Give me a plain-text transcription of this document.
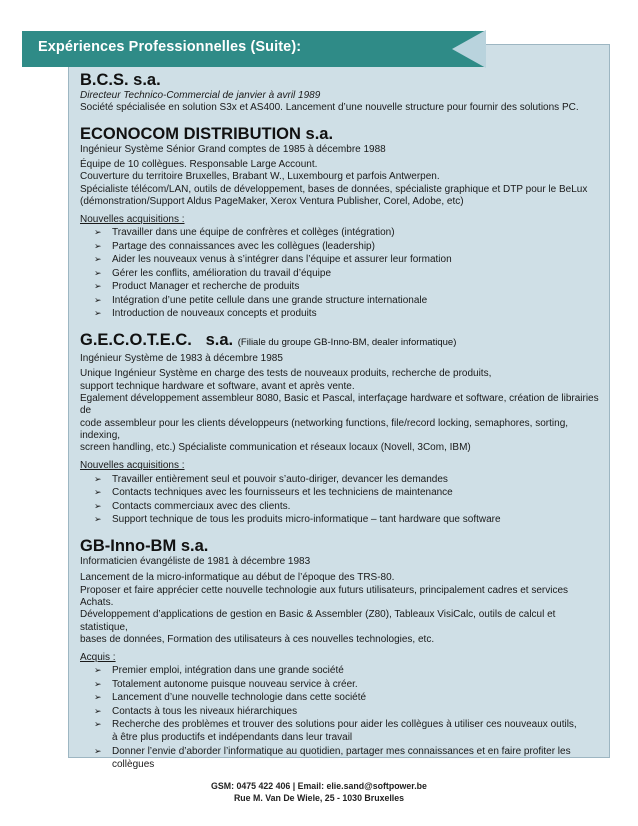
Expériences Professionnelles (Suite):

B.C.S. s.a.

Directeur Technico-Commercial de janvier à avril 1989

Société spécialisée en solution S3x et AS400. Lancement d’une nouvelle structure pour fournir des solutions PC.

ECONOCOM DISTRIBUTION s.a.

Ingénieur Système Sénior Grand comptes de 1985 à décembre 1988

Équipe de 10 collègues. Responsable Large Account.

Couverture du territoire Bruxelles, Brabant W., Luxembourg et parfois Antwerpen.

Spécialiste télécom/LAN, outils de développement, bases de données, spécialiste graphique et DTP pour le BeLux

(démonstration/Support Aldus PageMaker, Xerox Ventura Publisher, Corel, Adobe, etc)

Nouvelles acquisitions :

➢ Travailler dans une équipe de confrères et collèges (intégration)
➢ Partage des connaissances avec les collègues (leadership)
➢ Aider les nouveaux venus à s’intégrer dans l’équipe et assurer leur formation
➢ Gérer les conflits, amélioration du travail d’équipe
➢ Product Manager et recherche de produits
➢ Intégration d’une petite cellule dans une grande structure internationale
➢ Introduction de nouveaux concepts et produits

G.E.C.O.T.E.C. s.a. (Filiale du groupe GB-Inno-BM, dealer informatique)

Ingénieur Système de 1983 à décembre 1985

Unique Ingénieur Système en charge des tests de nouveaux produits, recherche de produits,

support technique hardware et software, avant et après vente.

Egalement développement assembleur 8080, Basic et Pascal, interfaçage hardware et software, création de librairies de

code assembleur pour les clients développeurs (networking functions, file/record locking, semaphores, sorting, indexing,

screen handling, etc.) Spécialiste communication et réseaux locaux (Novell, 3Com, IBM)

Nouvelles acquisitions :

➢ Travailler entièrement seul et pouvoir s’auto-diriger, devancer les demandes
➢ Contacts techniques avec les fournisseurs et les techniciens de maintenance
➢ Contacts commerciaux avec des clients.
➢ Support technique de tous les produits micro-informatique – tant hardware que software

GB-Inno-BM s.a.

Informaticien évangéliste de 1981 à décembre 1983

Lancement de la micro-informatique au début de l’époque des TRS-80.

Proposer et faire apprécier cette nouvelle technologie aux futurs utilisateurs, principalement cadres et services Achats.

Développement d’applications de gestion en Basic & Assembler (Z80), Tableaux VisiCalc, outils de calcul et statistique,

bases de données, Formation des utilisateurs à ces nouvelles technologies, etc.

Acquis :

➢ Premier emploi, intégration dans une grande société
➢ Totalement autonome puisque nouveau service à créer.
➢ Lancement d’une nouvelle technologie dans cette société
➢ Contacts à tous les niveaux hiérarchiques
➢ Recherche des problèmes et trouver des solutions pour aider les collègues à utiliser ces nouveaux outils,
à être plus productifs et indépendants dans leur travail
➢ Donner l’envie d’aborder l’informatique au quotidien, partager mes connaissances et en faire profiter les collègues
GSM: 0475 422 406 | Email: elie.sand@softpower.be
Rue M. Van De Wiele, 25 - 1030 Bruxelles
